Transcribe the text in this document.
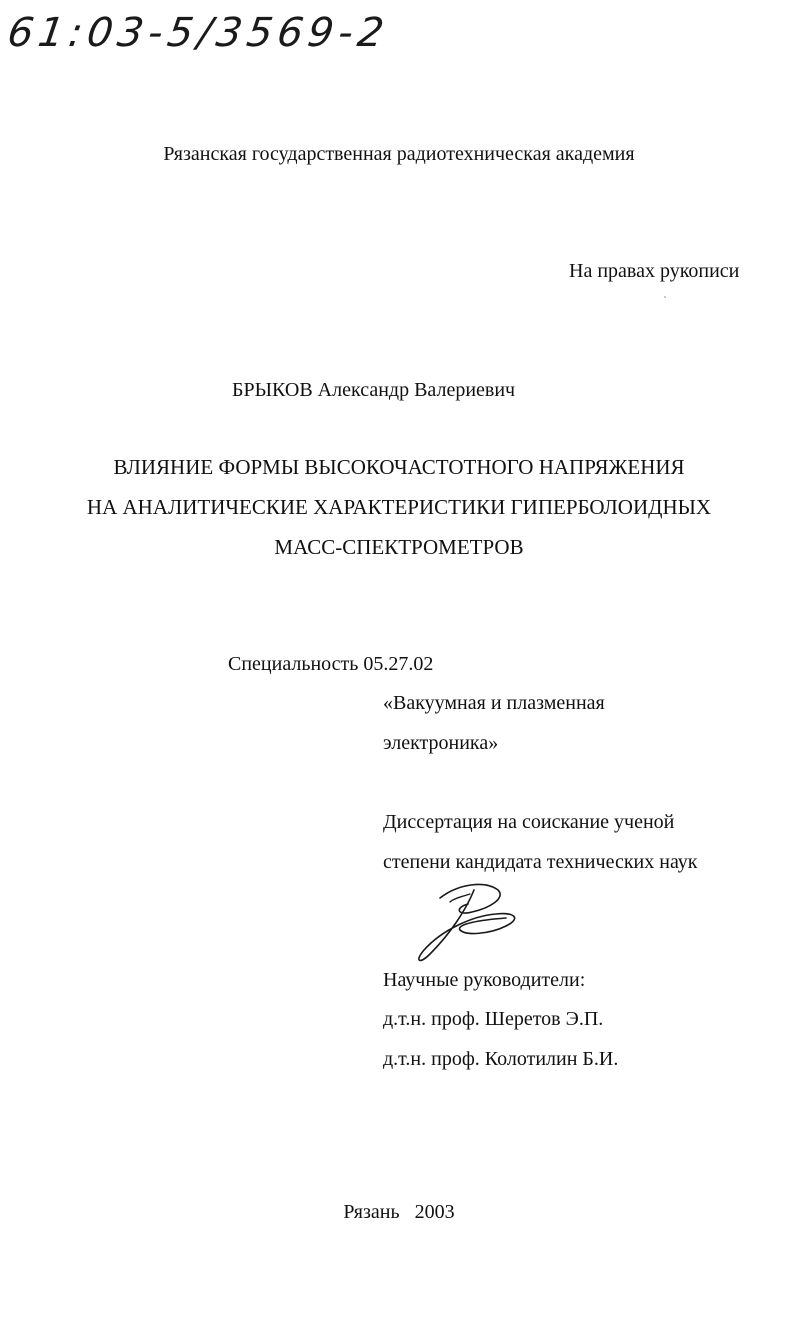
61:03-5/3569-2
Рязанская государственная радиотехническая академия
На правах рукописи
БРЫКОВ Александр Валериевич
ВЛИЯНИЕ ФОРМЫ ВЫСОКОЧАСТОТНОГО НАПРЯЖЕНИЯ
НА АНАЛИТИЧЕСКИЕ ХАРАКТЕРИСТИКИ ГИПЕРБОЛОИДНЫХ
МАСС-СПЕКТРОМЕТРОВ
Специальность 05.27.02
«Вакуумная и плазменная
электроника»
Диссертация на соискание ученой
степени кандидата технических наук
Научные руководители:
д.т.н. проф. Шеретов Э.П.
д.т.н. проф. Колотилин Б.И.
Рязань   2003
